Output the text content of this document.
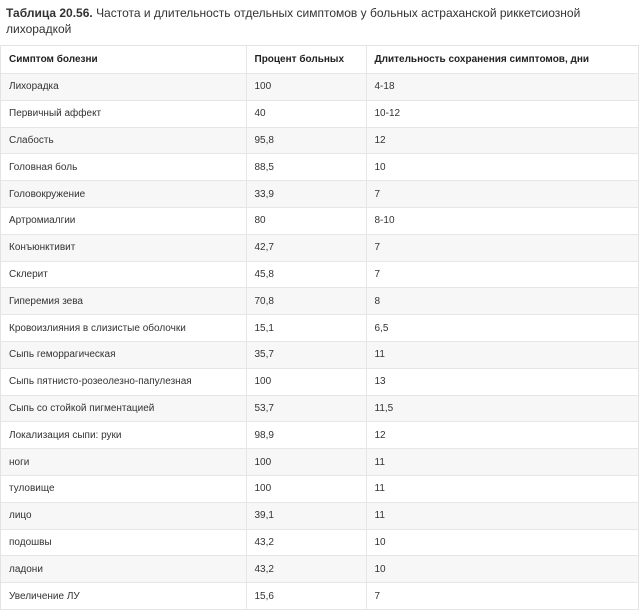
Таблица 20.56. Частота и длительность отдельных симптомов у больных астраханской риккетсиозной лихорадкой
Симптом болезни	Процент больных	Длительность сохранения симптомов, дни
Лихорадка	100	4-18
Первичный аффект	40	10-12
Слабость	95,8	12
Головная боль	88,5	10
Головокружение	33,9	7
Артромиалгии	80	8-10
Конъюнктивит	42,7	7
Склерит	45,8	7
Гиперемия зева	70,8	8
Кровоизлияния в слизистые оболочки	15,1	6,5
Сыпь геморрагическая	35,7	11
Сыпь пятнисто-розеолезно-папулезная	100	13
Сыпь со стойкой пигментацией	53,7	11,5
Локализация сыпи: руки	98,9	12
ноги	100	11
туловище	100	11
лицо	39,1	11
подошвы	43,2	10
ладони	43,2	10
Увеличение ЛУ	15,6	7
